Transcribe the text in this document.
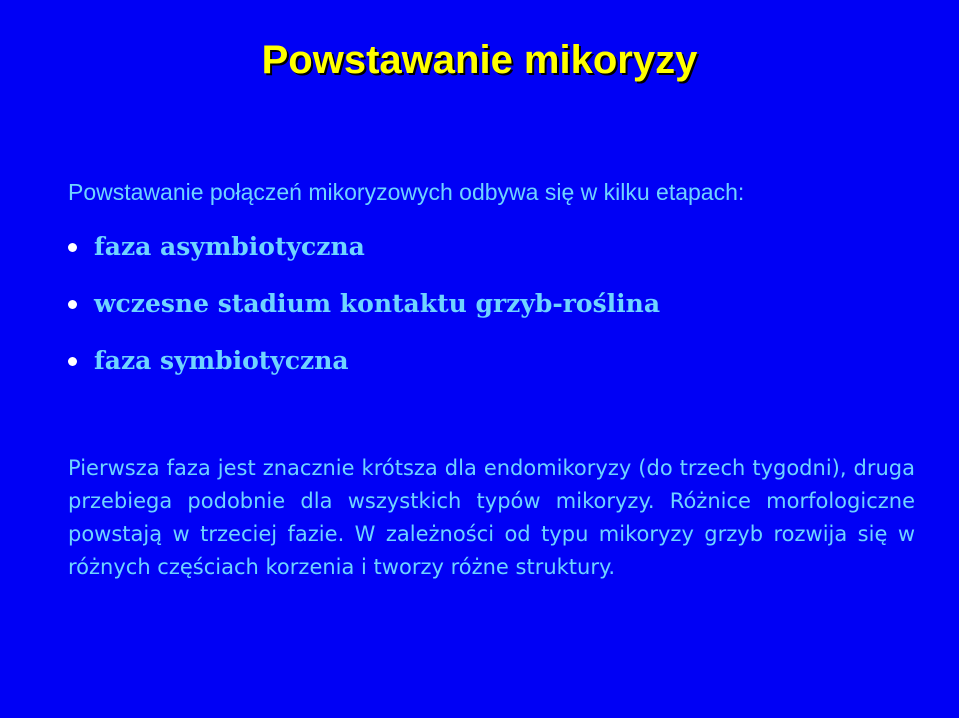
Powstawanie mikoryzy
Powstawanie połączeń mikoryzowych odbywa się w kilku etapach:
faza asymbiotyczna
wczesne stadium kontaktu grzyb-roślina
faza symbiotyczna

Pierwsza faza jest znacznie krótsza dla endomikoryzy (do trzech tygodni), druga przebiega podobnie dla wszystkich typów mikoryzy. Różnice morfologiczne powstają w trzeciej fazie. W zależności od typu mikoryzy grzyb rozwija się w różnych częściach korzenia i tworzy różne struktury.
